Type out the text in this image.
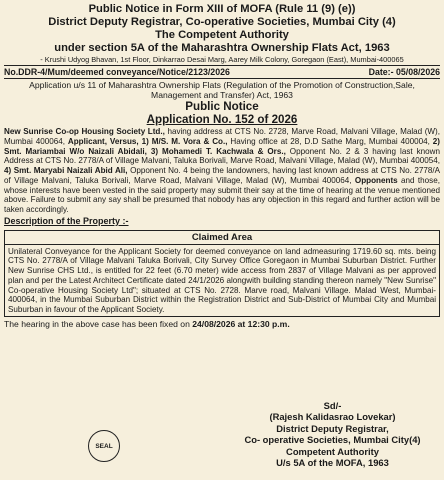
Public Notice in Form XIII of MOFA (Rule 11 (9) (e))
District Deputy Registrar, Co-operative Societies, Mumbai City (4)
The Competent Authority
under section 5A of the Maharashtra Ownership Flats Act, 1963
- Krushi Udyog Bhavan, 1st Floor, Dinkarrao Desai Marg, Aarey Milk Colony, Goregaon (East), Mumbai-400065
No.DDR-4/Mum/deemed conveyance/Notice/2123/2026	Date:- 05/08/2026
Application u/s 11 of Maharashtra Ownership Flats (Regulation of the Promotion of Construction,Sale, Management and Transfer) Act, 1963
Public Notice
Application No. 152 of 2026
New Sunrise Co-op Housing Society Ltd., having address at CTS No. 2728, Marve Road, Malvani Village, Malad (W), Mumbai 400064, Applicant, Versus, 1) M/S. M. Vora & Co., Having office at 28, D.D Sathe Marg, Mumbai 400004, 2) Smt. Mariambai W/o Naizali Abidali, 3) Mohamedi T. Kachwala & Ors., Opponent No. 2 & 3 having last known Address at CTS No. 2778/A of Village Malvani, Taluka Borivali, Marve Road, Malvani Village, Malad (W), Mumbai 400054, 4) Smt. Maryabi Naizali Abid Ali, Opponent No. 4 being the landowners, having last known address at CTS No. 2778/A of Village Malvani, Taluka Borivali, Marve Road, Malvani Village, Malad (W), Mumbai 400064, Opponents and those, whose interests have been vested in the said property may submit their say at the time of hearing at the venue mentioned above. Failure to submit any say shall be presumed that nobody has any objection in this regard and further action will be taken accordingly.
Description of the Property :-
Claimed Area
Unilateral Conveyance for the Applicant Society for deemed conveyance on land admeasuring 1719.60 sq. mts. being CTS No. 2778/A of Village Malvani Taluka Borivali, City Survey Office Goregaon in Mumbai Suburban District. Further New Sunrise CHS Ltd., is entitled for 22 feet (6.70 meter) wide access from 2837 of Village Malvani as per approved plan and per the Latest Architect Certificate dated 24/1/2026 alongwith building standing thereon namely "New Sunrise" Co-operative Housing Society Ltd"; situated at CTS No. 2728. Marve road, Malvani Village. Malad West, Mumbai-400064, in the Mumbai Suburban District within the Registration District and Sub-District of Mumbai City and Mumbai Suburban in favour of the Applicant Society.
The hearing in the above case has been fixed on 24/08/2026 at 12:30 p.m.
SEAL
Sd/-
(Rajesh Kalidasrao Lovekar)
District Deputy Registrar,
Co- operative Societies, Mumbai City(4)
Competent Authority
U/s 5A of the MOFA, 1963
